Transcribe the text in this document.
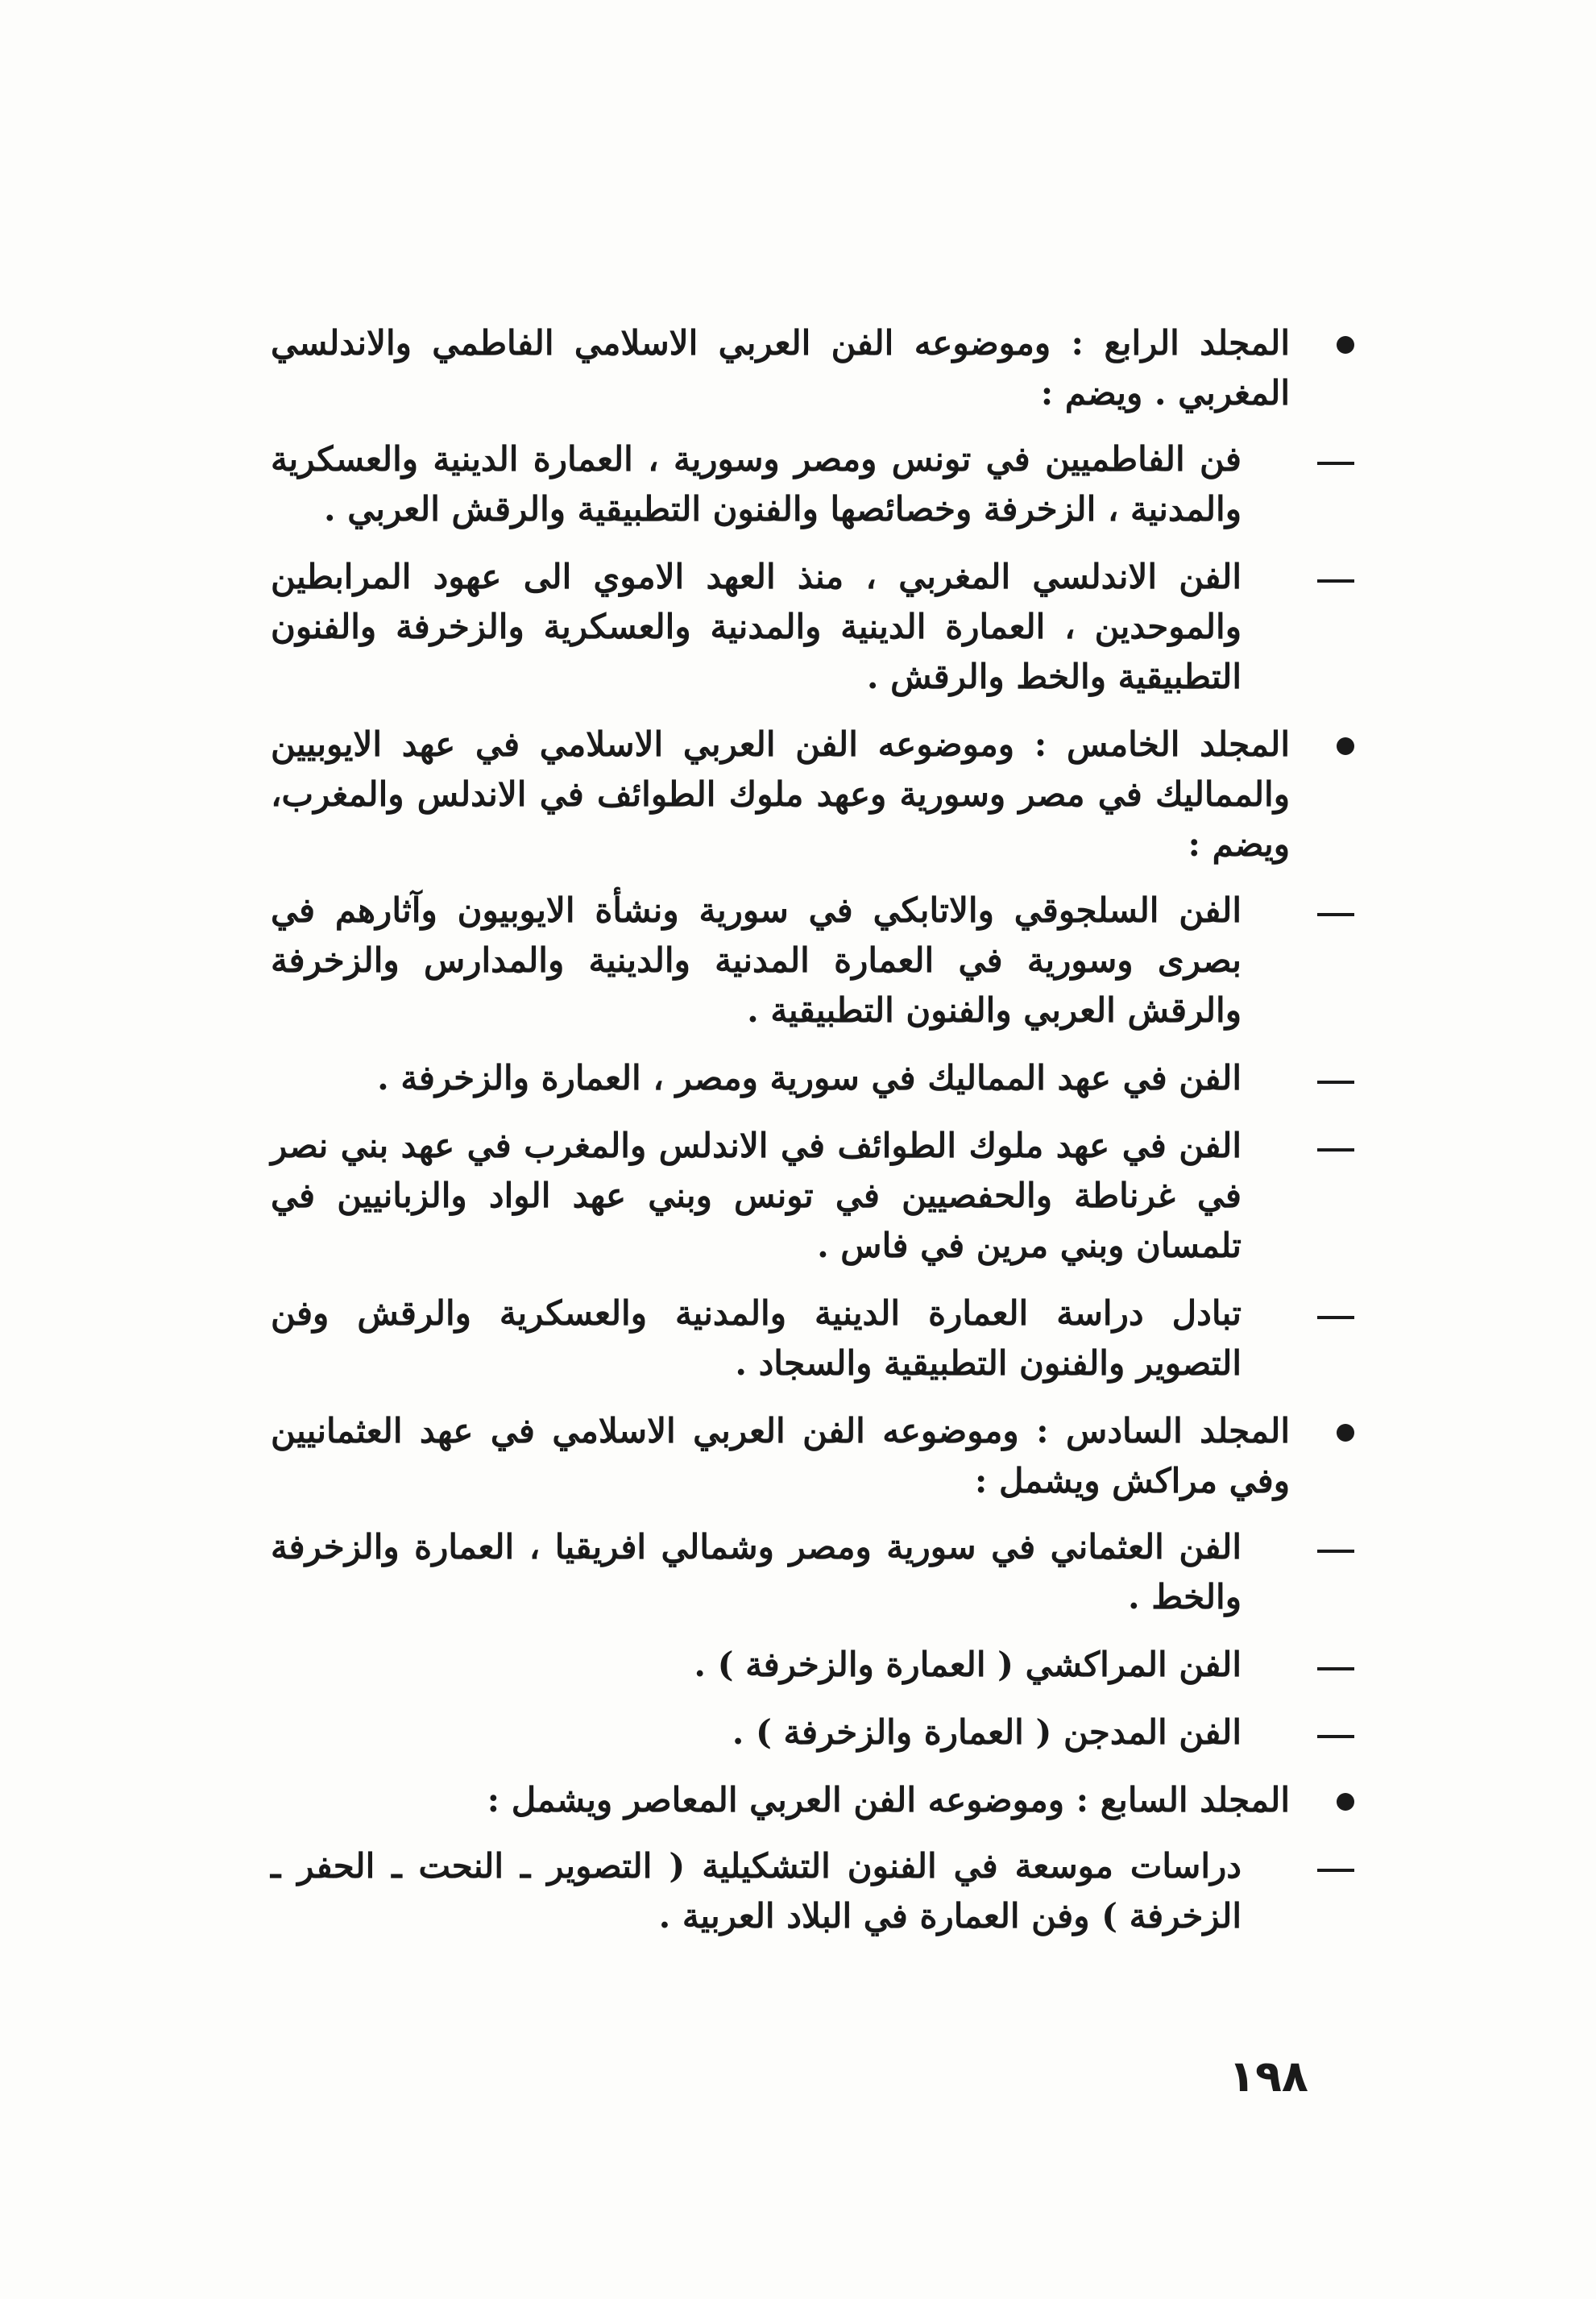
المجلد الرابع : وموضوعه الفن العربي الاسلامي الفاطمي والاندلسي المغربي . ويضم :
فن الفاطميين في تونس ومصر وسورية ، العمارة الدينية والعسكرية والمدنية ، الزخرفة وخصائصها والفنون التطبيقية والرقش العربي .
الفن الاندلسي المغربي ، منذ العهد الاموي الى عهود المرابطين والموحدين ، العمارة الدينية والمدنية والعسكرية والزخرفة والفنون التطبيقية والخط والرقش .
المجلد الخامس : وموضوعه الفن العربي الاسلامي في عهد الايوبيين والمماليك في مصر وسورية وعهد ملوك الطوائف في الاندلس والمغرب، ويضم :
الفن السلجوقي والاتابكي في سورية ونشأة الايوبيون وآثارهم في بصرى وسورية في العمارة المدنية والدينية والمدارس والزخرفة والرقش العربي والفنون التطبيقية .
الفن في عهد المماليك في سورية ومصر ، العمارة والزخرفة .
الفن في عهد ملوك الطوائف في الاندلس والمغرب في عهد بني نصر في غرناطة والحفصيين في تونس وبني عهد الواد والزبانيين في تلمسان وبني مرين في فاس .
تبادل دراسة العمارة الدينية والمدنية والعسكرية والرقش وفن التصوير والفنون التطبيقية والسجاد .
المجلد السادس : وموضوعه الفن العربي الاسلامي في عهد العثمانيين وفي مراكش ويشمل :
الفن العثماني في سورية ومصر وشمالي افريقيا ، العمارة والزخرفة والخط .
الفن المراكشي ( العمارة والزخرفة ) .
الفن المدجن ( العمارة والزخرفة ) .
المجلد السابع : وموضوعه الفن العربي المعاصر ويشمل :
دراسات موسعة في الفنون التشكيلية ( التصوير ـ النحت ـ الحفر ـ الزخرفة ) وفن العمارة في البلاد العربية .
١٩٨
